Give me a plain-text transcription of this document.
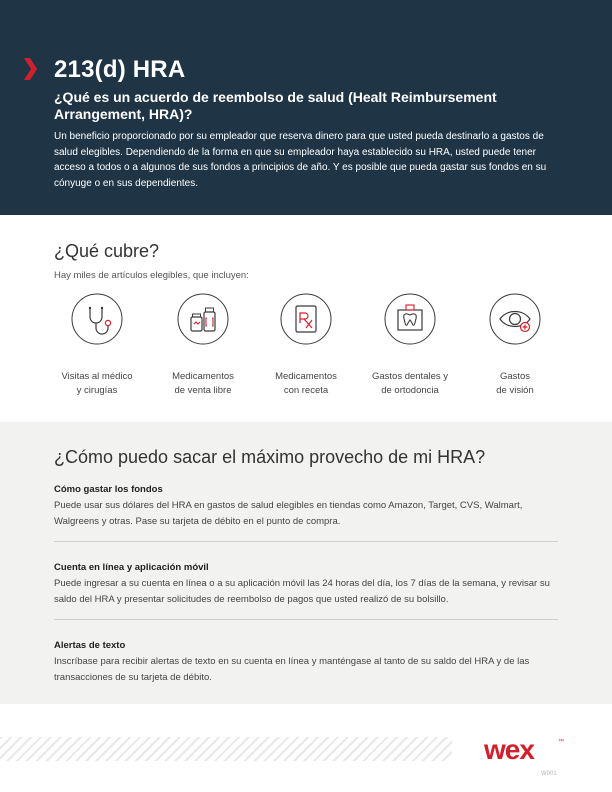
213(d) HRA
¿Qué es un acuerdo de reembolso de salud (Healt Reimbursement Arrangement, HRA)?

Un beneficio proporcionado por su empleador que reserva dinero para que usted pueda destinarlo a gastos de salud elegibles. Dependiendo de la forma en que su empleador haya establecido su HRA, usted puede tener acceso a todos o a algunos de sus fondos a principios de año. Y es posible que pueda gastar sus fondos en su cónyuge o en sus dependientes.

¿Qué cubre?

Hay miles de artículos elegibles, que incluyen:

Visitas al médico
y cirugías
Medicamentos
de venta libre
Medicamentos
con receta
Gastos dentales y
de ortodoncia
Gastos
de visión
¿Cómo puedo sacar el máximo provecho de mi HRA?

Cómo gastar los fondos

Puede usar sus dólares del HRA en gastos de salud elegibles en tiendas como Amazon, Target, CVS, Walmart, Walgreens y otras. Pase su tarjeta de débito en el punto de compra.

Cuenta en línea y aplicación móvil

Puede ingresar a su cuenta en línea o a su aplicación móvil las 24 horas del día, los 7 días de la semana, y revisar su saldo del HRA y presentar solicitudes de reembolso de pagos que usted realizó de su bolsillo.

Alertas de texto

Inscríbase para recibir alertas de texto en su cuenta en línea y manténgase al tanto de su saldo del HRA y de las transacciones de su tarjeta de débito.

wex	™

W001
